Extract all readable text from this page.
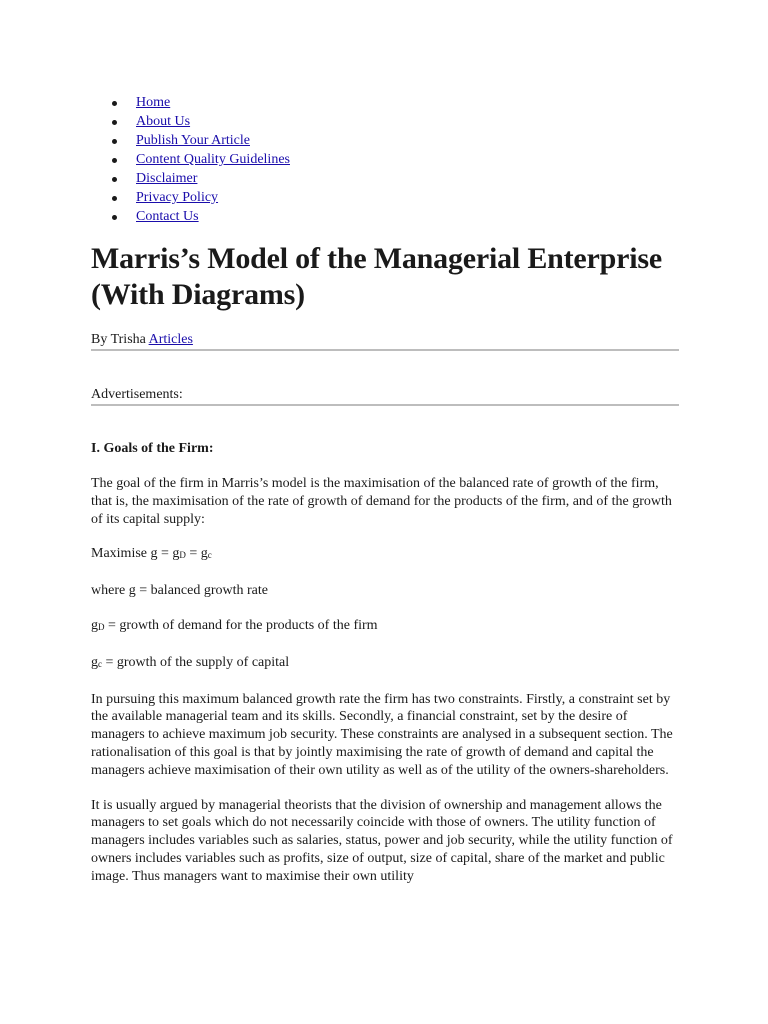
Home
About Us
Publish Your Article
Content Quality Guidelines
Disclaimer
Privacy Policy
Contact Us
Marris’s Model of the Managerial Enterprise (With Diagrams)
By Trisha Articles
Advertisements:
I. Goals of the Firm:

The goal of the firm in Marris’s model is the maximisation of the balanced rate of growth of the firm, that is, the maximisation of the rate of growth of demand for the products of the firm, and of the growth of its capital supply:

Maximise $g = g_D = g_c$

where g = balanced growth rate

$g_D$ = growth of demand for the products of the firm

$g_c$ = growth of the supply of capital

In pursuing this maximum balanced growth rate the firm has two constraints. Firstly, a constraint set by the available managerial team and its skills. Secondly, a financial constraint, set by the desire of managers to achieve maximum job security. These constraints are analysed in a subsequent section. The rationalisation of this goal is that by jointly maximising the rate of growth of demand and capital the managers achieve maximisation of their own utility as well as of the utility of the owners-shareholders.

It is usually argued by managerial theorists that the division of ownership and management allows the managers to set goals which do not necessarily coincide with those of owners. The utility function of managers includes variables such as salaries, status, power and job security, while the utility function of owners includes variables such as profits, size of output, size of capital, share of the market and public image. Thus managers want to maximise their own utility
